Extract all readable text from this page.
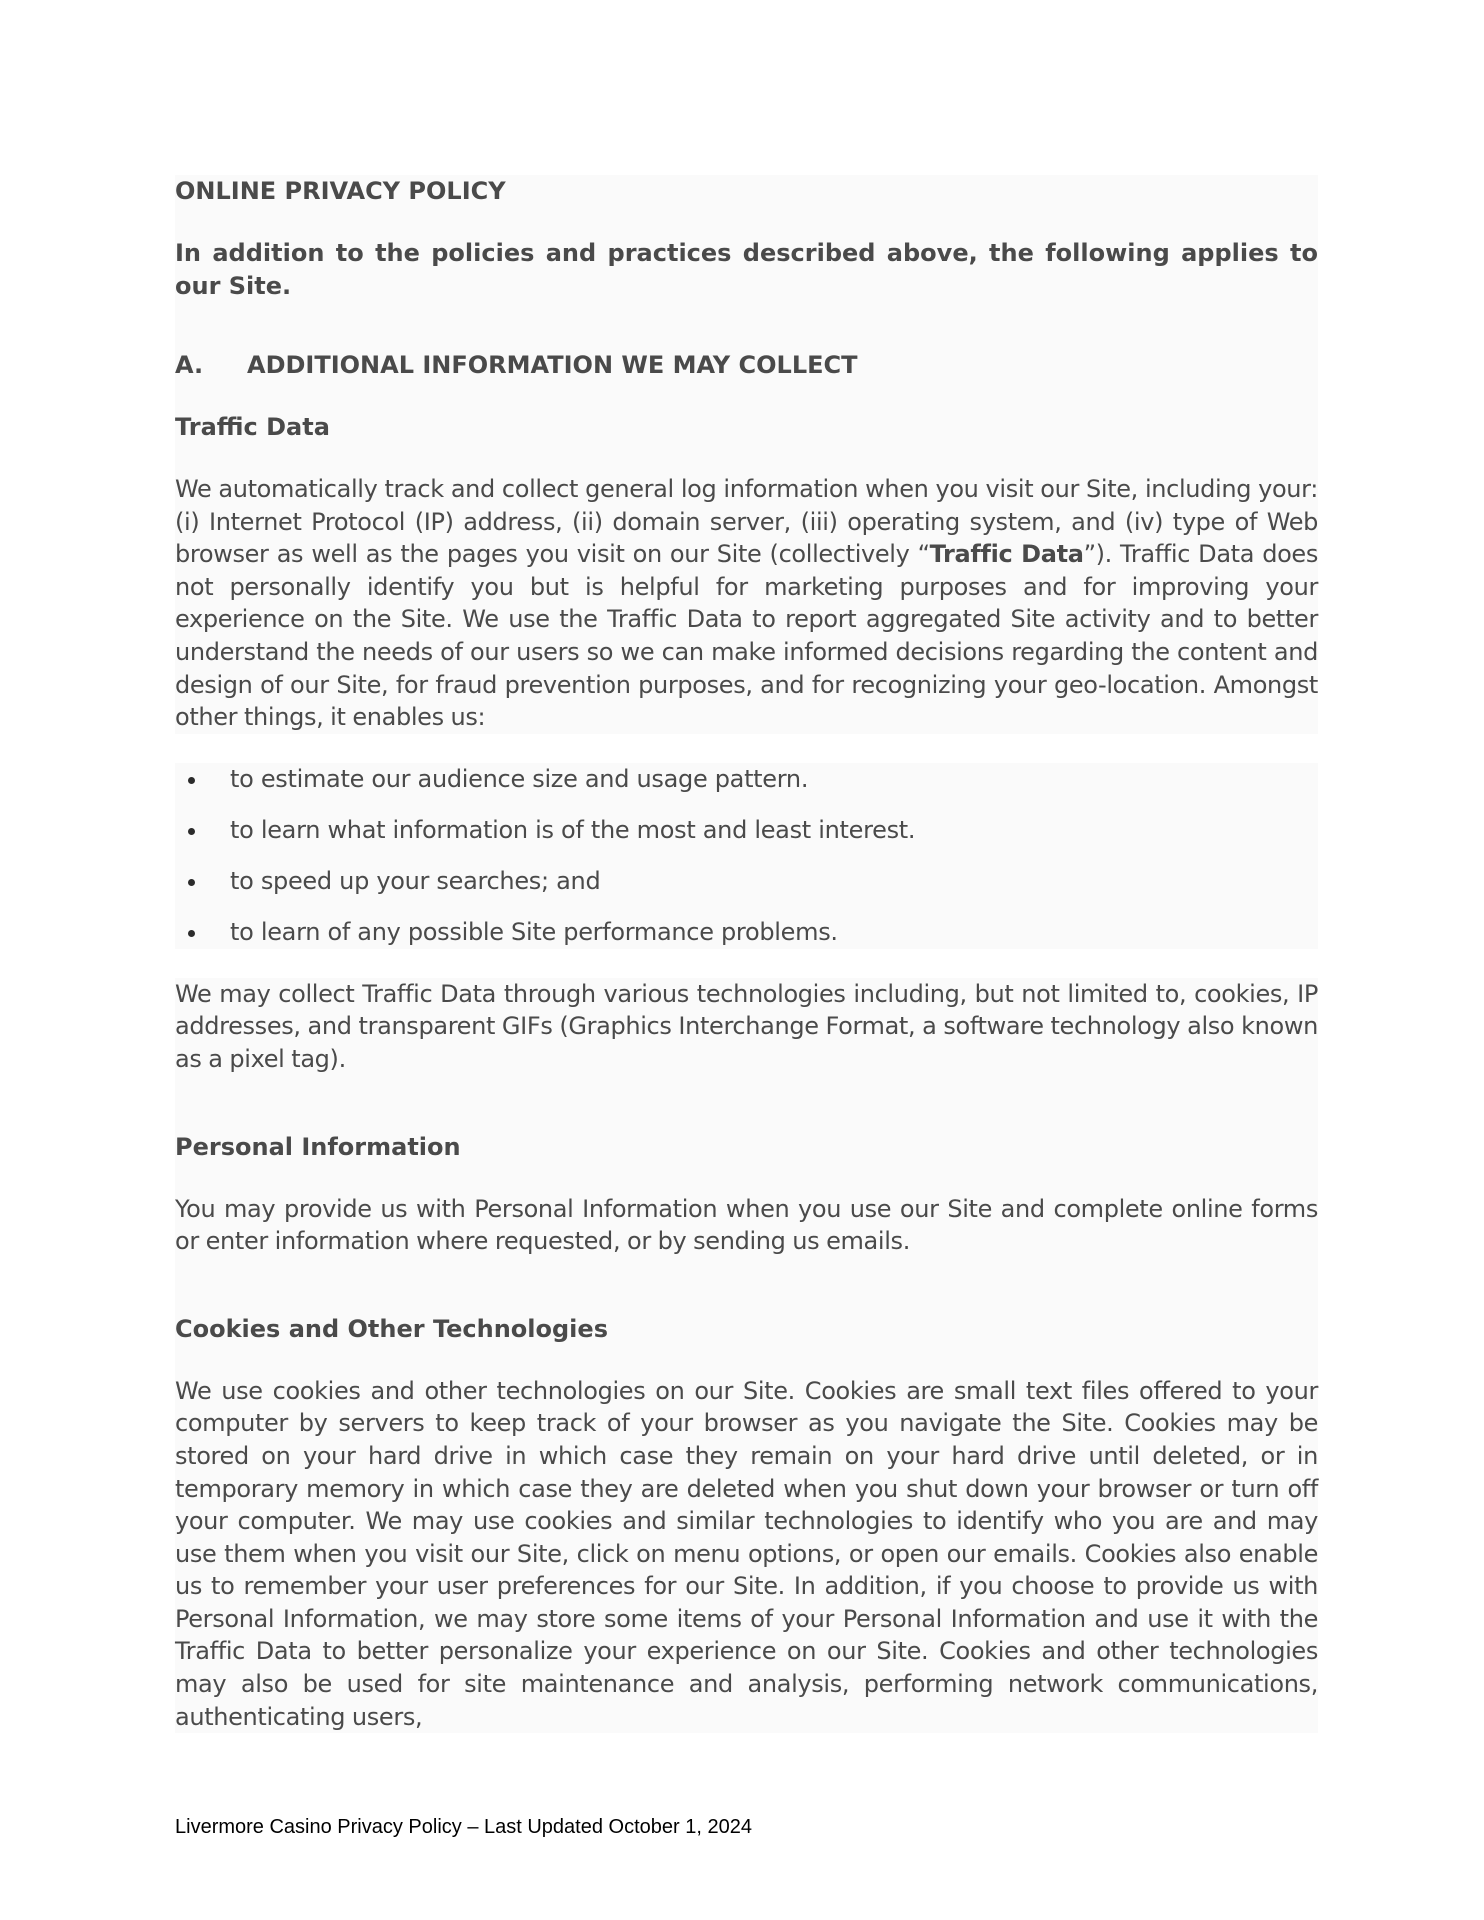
ONLINE PRIVACY POLICY
In addition to the policies and practices described above, the following applies to our Site.
A.	ADDITIONAL INFORMATION WE MAY COLLECT
Traffic Data
We automatically track and collect general log information when you visit our Site, including your: (i) Internet Protocol (IP) address, (ii) domain server, (iii) operating system, and (iv) type of Web browser as well as the pages you visit on our Site (collectively “Traffic Data”). Traffic Data does not personally identify you but is helpful for marketing purposes and for improving your experience on the Site. We use the Traffic Data to report aggregated Site activity and to better understand the needs of our users so we can make informed decisions regarding the content and design of our Site, for fraud prevention purposes, and for recognizing your geo-location. Amongst other things, it enables us:
to estimate our audience size and usage pattern.
to learn what information is of the most and least interest.
to speed up your searches; and
to learn of any possible Site performance problems.
We may collect Traffic Data through various technologies including, but not limited to, cookies, IP addresses, and transparent GIFs (Graphics Interchange Format, a software technology also known as a pixel tag).
Personal Information
You may provide us with Personal Information when you use our Site and complete online forms or enter information where requested, or by sending us emails.
Cookies and Other Technologies
We use cookies and other technologies on our Site. Cookies are small text files offered to your computer by servers to keep track of your browser as you navigate the Site. Cookies may be stored on your hard drive in which case they remain on your hard drive until deleted, or in temporary memory in which case they are deleted when you shut down your browser or turn off your computer. We may use cookies and similar technologies to identify who you are and may use them when you visit our Site, click on menu options, or open our emails. Cookies also enable us to remember your user preferences for our Site. In addition, if you choose to provide us with Personal Information, we may store some items of your Personal Information and use it with the Traffic Data to better personalize your experience on our Site. Cookies and other technologies may also be used for site maintenance and analysis, performing network communications, authenticating users,
Livermore Casino Privacy Policy – Last Updated October 1, 2024
